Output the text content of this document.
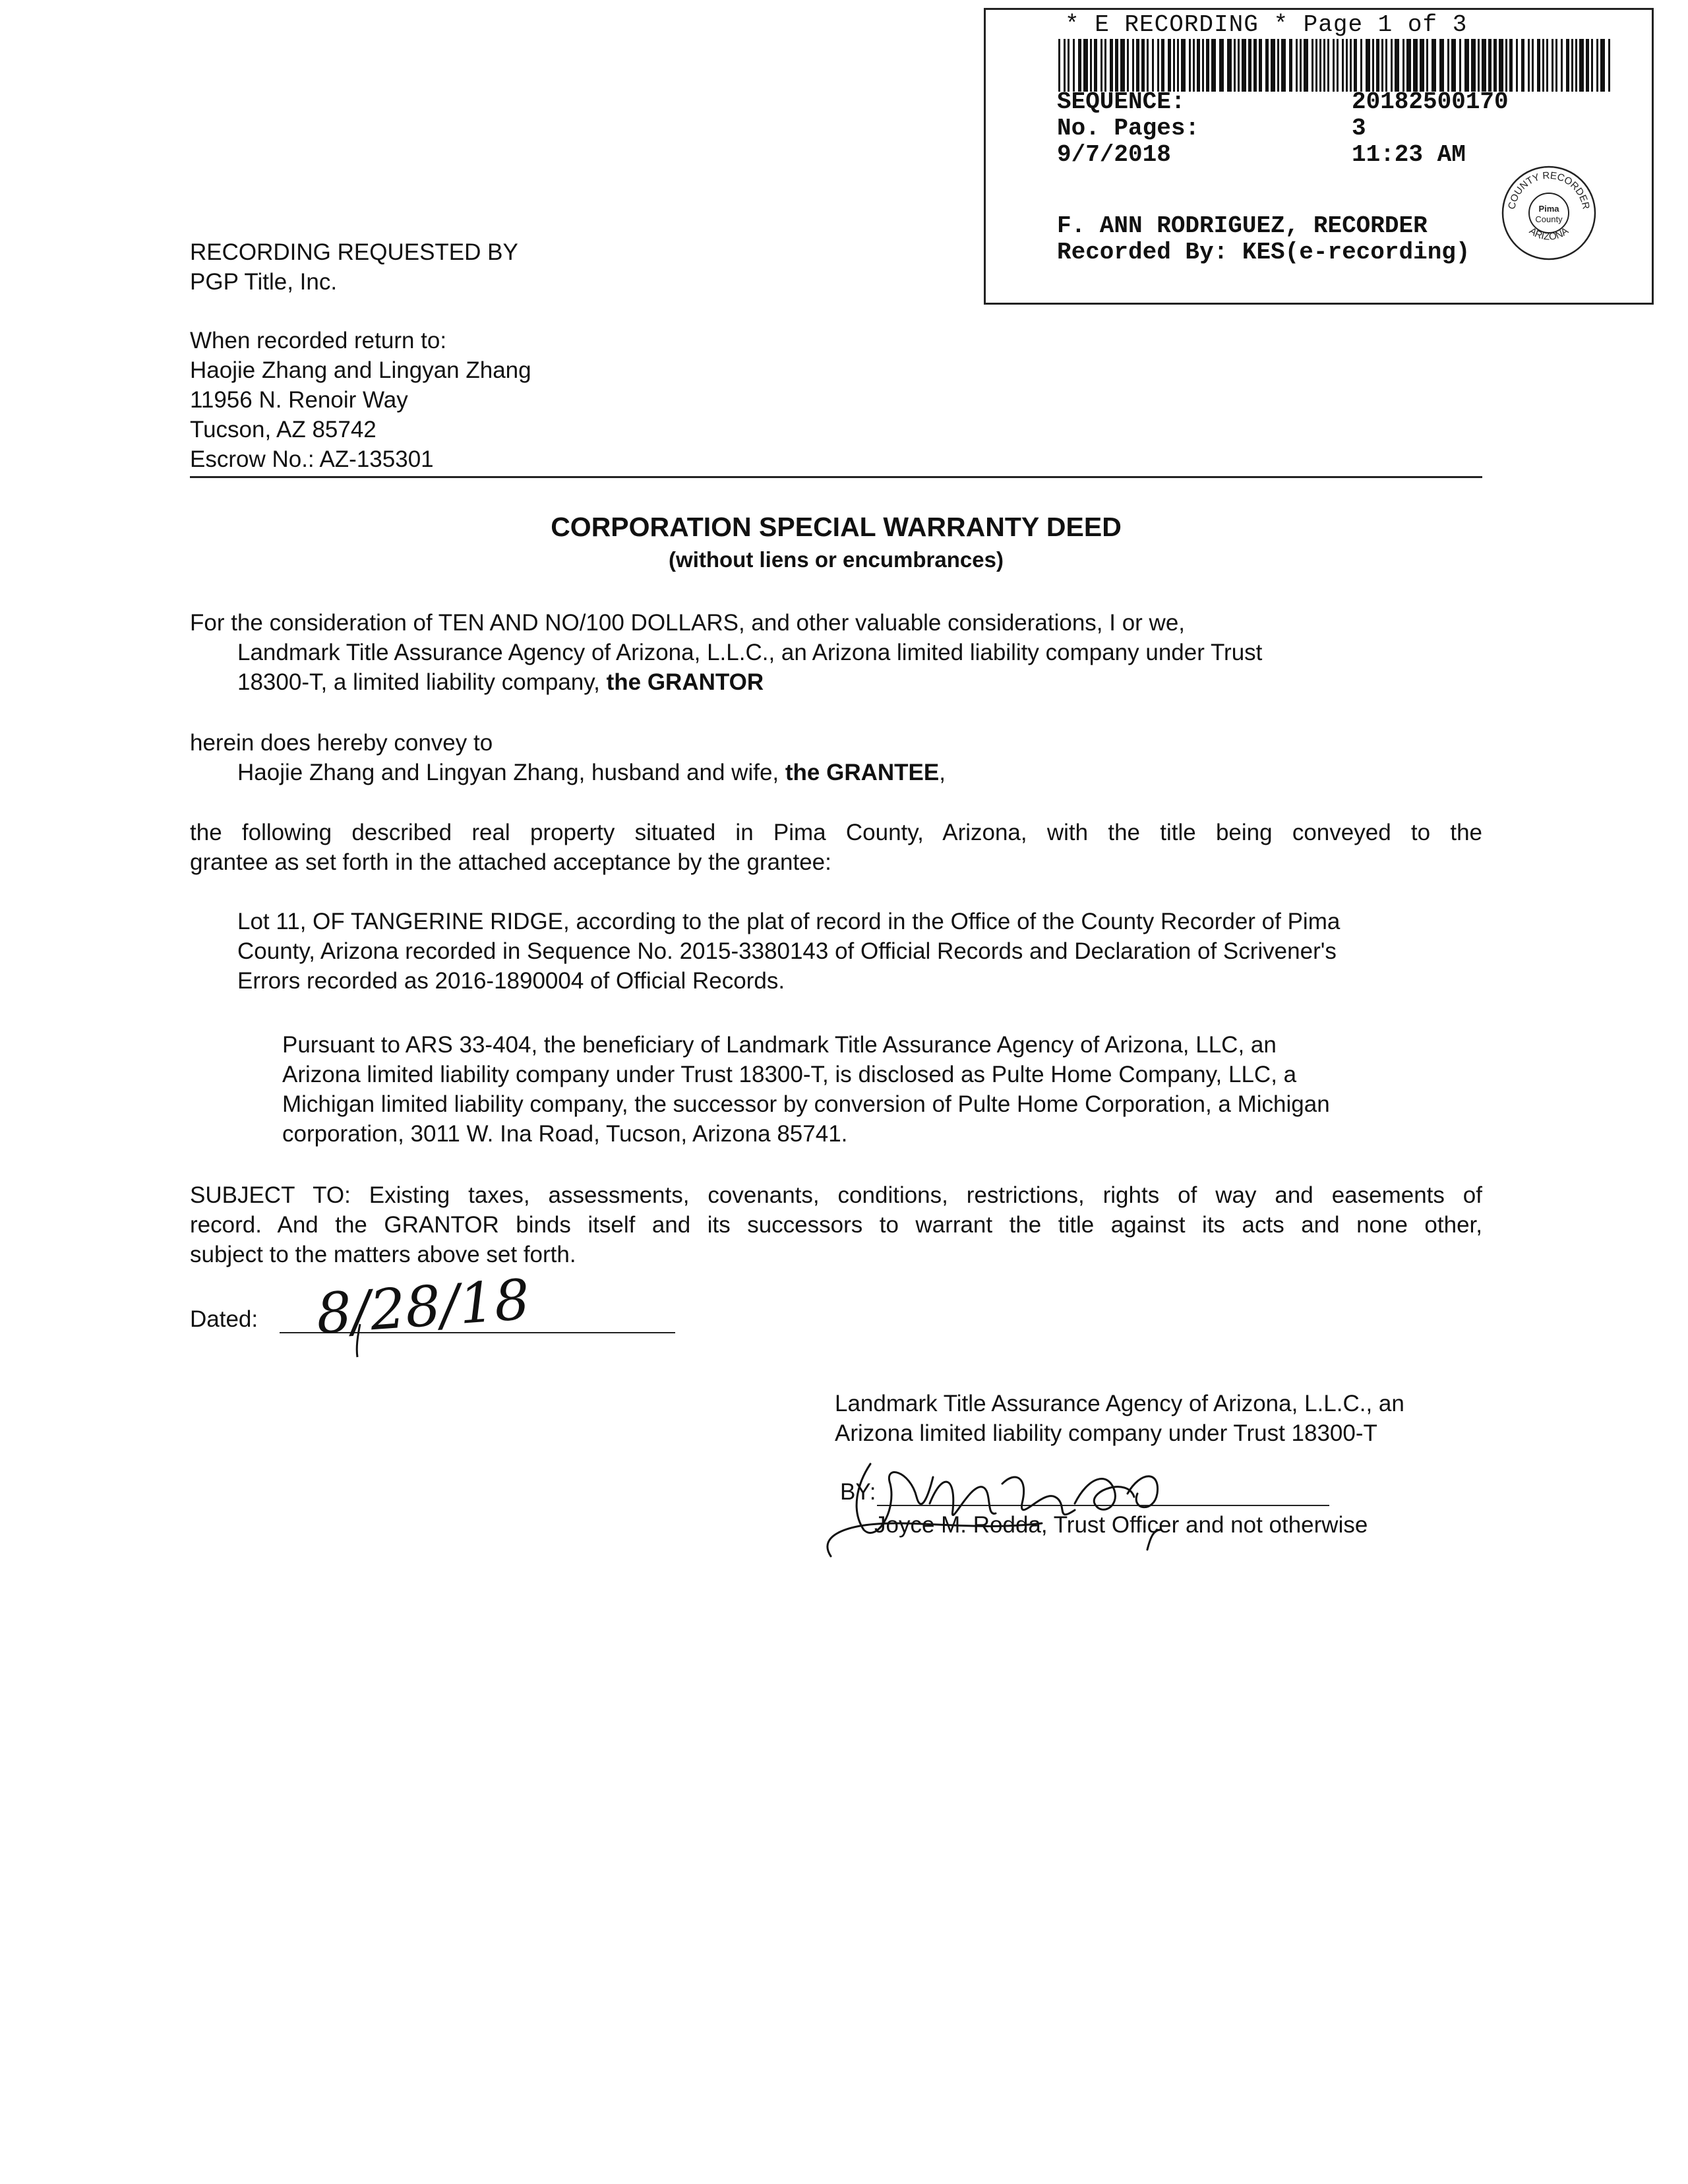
* E RECORDING * Page 1 of 3
SEQUENCE:	20182500170
No. Pages:	3
9/7/2018	11:23 AM
F. ANN RODRIGUEZ, RECORDER
Recorded By: KES(e-recording)
COUNTY RECORDER
ARIZONA
Pima
County
RECORDING REQUESTED BY
PGP Title, Inc.
When recorded return to:
Haojie Zhang and Lingyan Zhang
11956 N. Renoir Way
Tucson, AZ 85742
Escrow No.: AZ-135301
CORPORATION SPECIAL WARRANTY DEED
(without liens or encumbrances)
For the consideration of TEN AND NO/100 DOLLARS, and other valuable considerations, I or we,
Landmark Title Assurance Agency of Arizona, L.L.C., an Arizona limited liability company under Trust
18300-T, a limited liability company, the GRANTOR
herein does hereby convey to
Haojie Zhang and Lingyan Zhang, husband and wife, the GRANTEE,
the following described real property situated in Pima County, Arizona, with the title being conveyed to the
grantee as set forth in the attached acceptance by the grantee:
Lot 11, OF TANGERINE RIDGE, according to the plat of record in the Office of the County Recorder of Pima
County, Arizona recorded in Sequence No. 2015-3380143 of Official Records and Declaration of Scrivener's
Errors recorded as 2016-1890004 of Official Records.
Pursuant to ARS 33-404, the beneficiary of Landmark Title Assurance Agency of Arizona, LLC, an
Arizona limited liability company under Trust 18300-T, is disclosed as Pulte Home Company, LLC, a
Michigan limited liability company, the successor by conversion of Pulte Home Corporation, a Michigan
corporation, 3011 W. Ina Road, Tucson, Arizona 85741.
SUBJECT TO: Existing taxes, assessments, covenants, conditions, restrictions, rights of way and easements of
record. And the GRANTOR binds itself and its successors to warrant the title against its acts and none other,
subject to the matters above set forth.
Dated: 8/28/18
Landmark Title Assurance Agency of Arizona, L.L.C., an
Arizona limited liability company under Trust 18300-T
BY:
Joyce M. Rodda, Trust Officer and not otherwise
